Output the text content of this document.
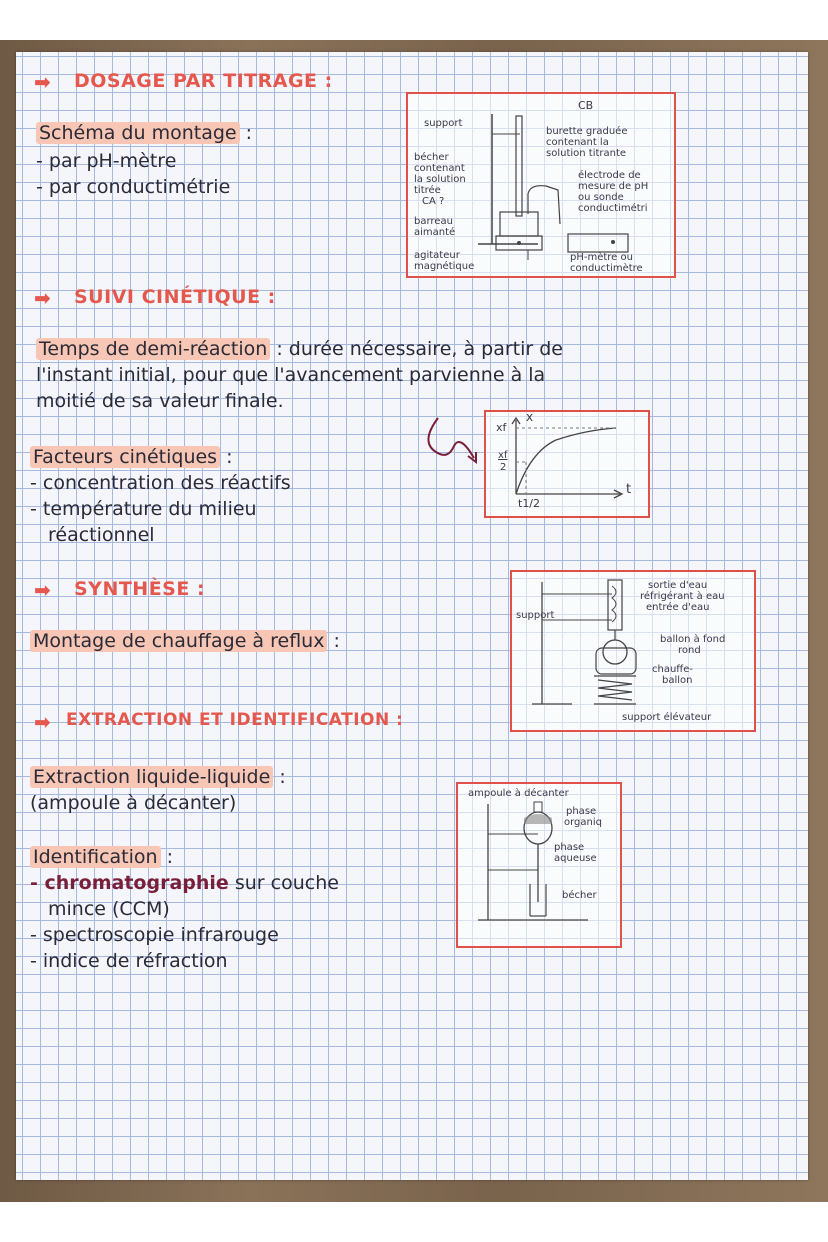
➡ DOSAGE PAR TITRAGE :
Schéma du montage :
- par pH-mètre
- par conductimétrie
CB
support
burette graduée
contenant la
solution titrante
bécher
contenant
la solution
titrée
CA ?
électrode de
mesure de pH
ou sonde
conductimétri
barreau
aimanté
agitateur
magnétique
pH-mètre ou
conductimètre
➡ SUIVI CINÉTIQUE :
Temps de demi-réaction : durée nécessaire, à partir de
l'instant initial, pour que l'avancement parvienne à la
moitié de sa valeur finale.
Facteurs cinétiques :
- concentration des réactifs
- température du milieu
réactionnel
x
xf
xf
2
t
t1/2
➡ SYNTHÈSE :
Montage de chauffage à reflux :
sortie d'eau
réfrigérant à eau
entrée d'eau
support
ballon à fond
rond
chauffe-
ballon
support élévateur
➡ EXTRACTION ET IDENTIFICATION :
Extraction liquide-liquide :
(ampoule à décanter)
Identification :
- chromatographie sur couche
mince (CCM)
- spectroscopie infrarouge
- indice de réfraction
ampoule à décanter
phase
organiq
phase
aqueuse
bécher
